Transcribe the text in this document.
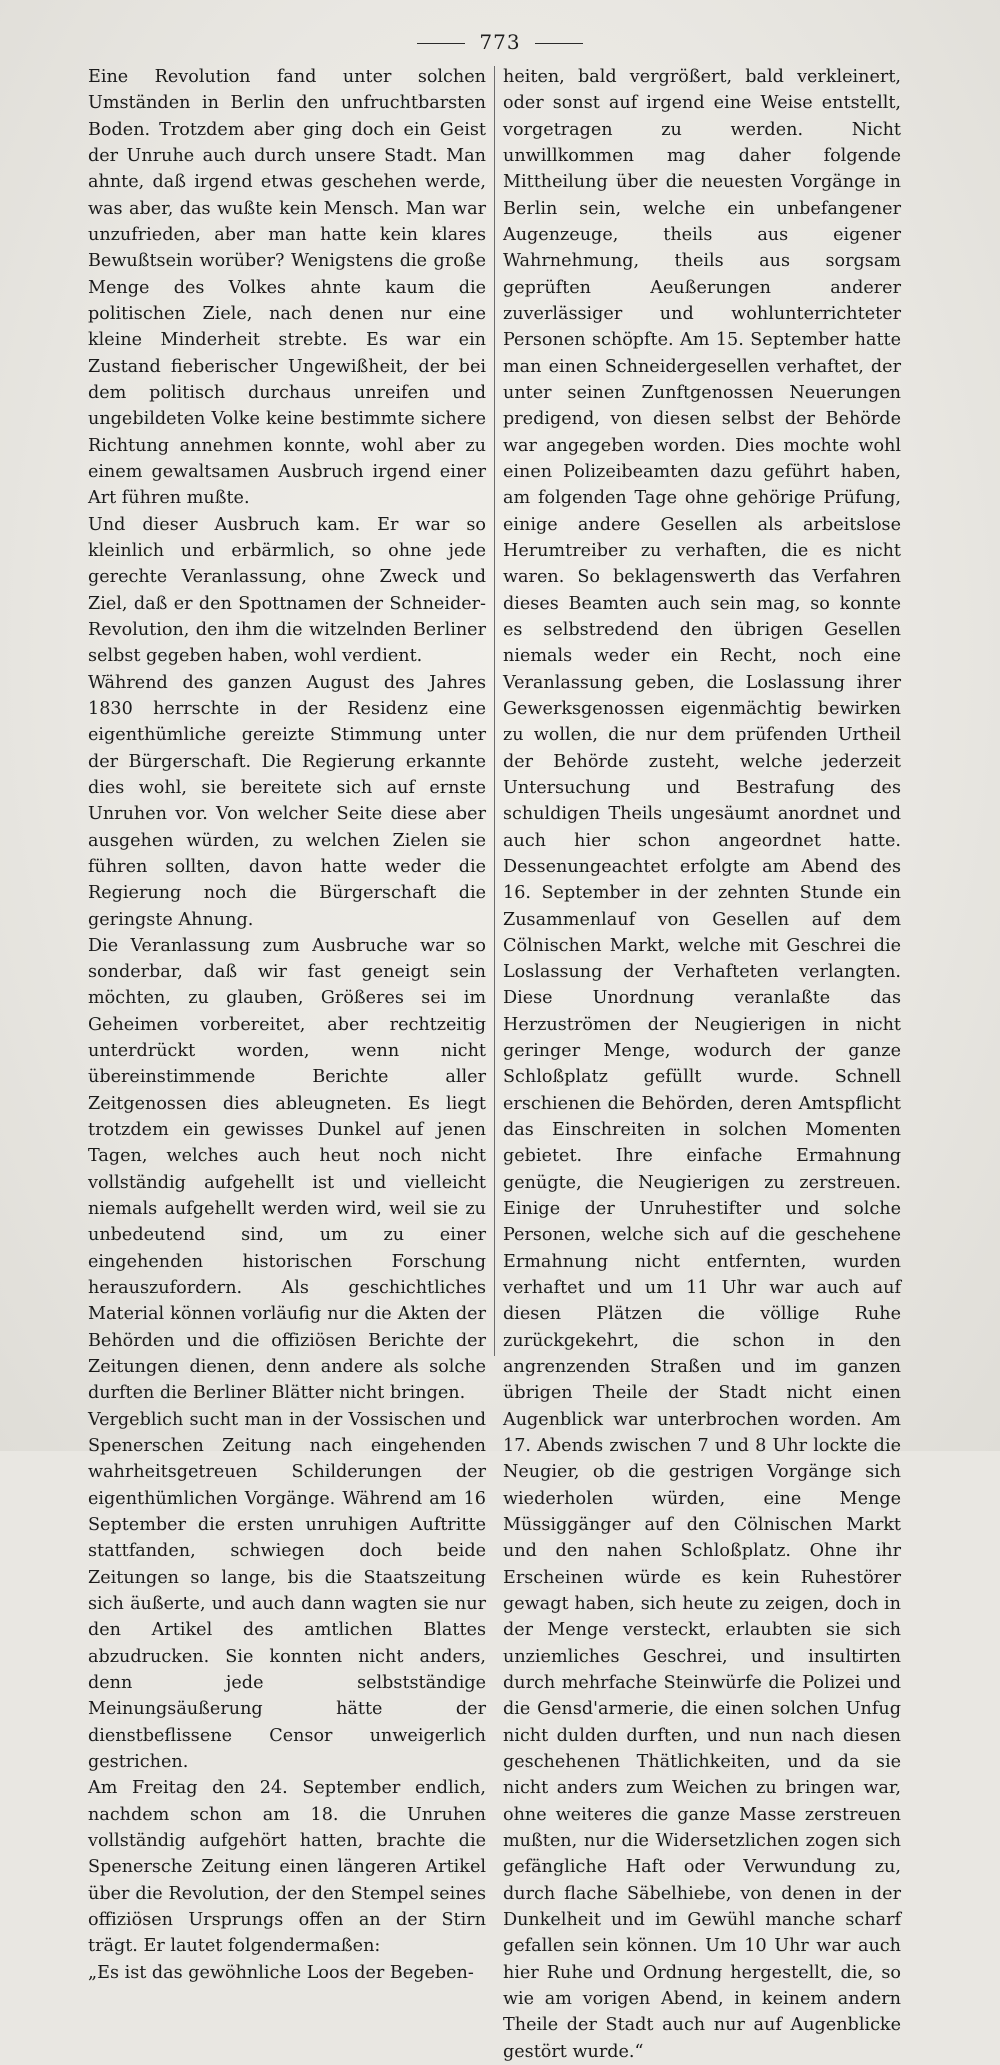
773

Eine Revolution fand unter solchen Umständen in Berlin den unfruchtbarsten Boden. Trotzdem aber ging doch ein Geist der Unruhe auch durch unsere Stadt. Man ahnte, daß irgend etwas geschehen werde, was aber, das wußte kein Mensch. Man war unzufrieden, aber man hatte kein klares Bewußtsein worüber? Wenigstens die große Menge des Volkes ahnte kaum die politischen Ziele, nach denen nur eine kleine Minderheit strebte. Es war ein Zustand fieberischer Ungewißheit, der bei dem politisch durchaus unreifen und ungebildeten Volke keine bestimmte sichere Richtung annehmen konnte, wohl aber zu einem gewaltsamen Ausbruch irgend einer Art führen mußte.

Und dieser Ausbruch kam. Er war so kleinlich und erbärmlich, so ohne jede gerechte Veranlassung, ohne Zweck und Ziel, daß er den Spottnamen der Schneider-Revolution, den ihm die witzelnden Berliner selbst gegeben haben, wohl verdient.

Während des ganzen August des Jahres 1830 herrschte in der Residenz eine eigenthümliche gereizte Stimmung unter der Bürgerschaft. Die Regierung erkannte dies wohl, sie bereitete sich auf ernste Unruhen vor. Von welcher Seite diese aber ausgehen würden, zu welchen Zielen sie führen sollten, davon hatte weder die Regierung noch die Bürgerschaft die geringste Ahnung.

Die Veranlassung zum Ausbruche war so sonderbar, daß wir fast geneigt sein möchten, zu glauben, Größeres sei im Geheimen vorbereitet, aber rechtzeitig unterdrückt worden, wenn nicht übereinstimmende Berichte aller Zeitgenossen dies ableugneten. Es liegt trotzdem ein gewisses Dunkel auf jenen Tagen, welches auch heut noch nicht vollständig aufgehellt ist und vielleicht niemals aufgehellt werden wird, weil sie zu unbedeutend sind, um zu einer eingehenden historischen Forschung herauszufordern. Als geschichtliches Material können vorläufig nur die Akten der Behörden und die offiziösen Berichte der Zeitungen dienen, denn andere als solche durften die Berliner Blätter nicht bringen.

Vergeblich sucht man in der Vossischen und Spenerschen Zeitung nach eingehenden wahrheitsgetreuen Schilderungen der eigenthümlichen Vorgänge. Während am 16 September die ersten unruhigen Auftritte stattfanden, schwiegen doch beide Zeitungen so lange, bis die Staatszeitung sich äußerte, und auch dann wagten sie nur den Artikel des amtlichen Blattes abzudrucken. Sie konnten nicht anders, denn jede selbstständige Meinungsäußerung hätte der dienstbeflissene Censor unweigerlich gestrichen.

Am Freitag den 24. September endlich, nachdem schon am 18. die Unruhen vollständig aufgehört hatten, brachte die Spenersche Zeitung einen längeren Artikel über die Revolution, der den Stempel seines offiziösen Ursprungs offen an der Stirn trägt. Er lautet folgendermaßen:

„Es ist das gewöhnliche Loos der Begeben-

heiten, bald vergrößert, bald verkleinert, oder sonst auf irgend eine Weise entstellt, vorgetragen zu werden. Nicht unwillkommen mag daher folgende Mittheilung über die neuesten Vorgänge in Berlin sein, welche ein unbefangener Augenzeuge, theils aus eigener Wahrnehmung, theils aus sorgsam geprüften Aeußerungen anderer zuverlässiger und wohlunterrichteter Personen schöpfte. Am 15. September hatte man einen Schneidergesellen verhaftet, der unter seinen Zunftgenossen Neuerungen predigend, von diesen selbst der Behörde war angegeben worden. Dies mochte wohl einen Polizeibeamten dazu geführt haben, am folgenden Tage ohne gehörige Prüfung, einige andere Gesellen als arbeitslose Herumtreiber zu verhaften, die es nicht waren. So beklagenswerth das Verfahren dieses Beamten auch sein mag, so konnte es selbstredend den übrigen Gesellen niemals weder ein Recht, noch eine Veranlassung geben, die Loslassung ihrer Gewerksgenossen eigenmächtig bewirken zu wollen, die nur dem prüfenden Urtheil der Behörde zusteht, welche jederzeit Untersuchung und Bestrafung des schuldigen Theils ungesäumt anordnet und auch hier schon angeordnet hatte. Dessenungeachtet erfolgte am Abend des 16. September in der zehnten Stunde ein Zusammenlauf von Gesellen auf dem Cölnischen Markt, welche mit Geschrei die Loslassung der Verhafteten verlangten. Diese Unordnung veranlaßte das Herzuströmen der Neugierigen in nicht geringer Menge, wodurch der ganze Schloßplatz gefüllt wurde. Schnell erschienen die Behörden, deren Amtspflicht das Einschreiten in solchen Momenten gebietet. Ihre einfache Ermahnung genügte, die Neugierigen zu zerstreuen. Einige der Unruhestifter und solche Personen, welche sich auf die geschehene Ermahnung nicht entfernten, wurden verhaftet und um 11 Uhr war auch auf diesen Plätzen die völlige Ruhe zurückgekehrt, die schon in den angrenzenden Straßen und im ganzen übrigen Theile der Stadt nicht einen Augenblick war unterbrochen worden. Am 17. Abends zwischen 7 und 8 Uhr lockte die Neugier, ob die gestrigen Vorgänge sich wiederholen würden, eine Menge Müssiggänger auf den Cölnischen Markt und den nahen Schloßplatz. Ohne ihr Erscheinen würde es kein Ruhestörer gewagt haben, sich heute zu zeigen, doch in der Menge versteckt, erlaubten sie sich unziemliches Geschrei, und insultirten durch mehrfache Steinwürfe die Polizei und die Gensd'armerie, die einen solchen Unfug nicht dulden durften, und nun nach diesen geschehenen Thätlichkeiten, und da sie nicht anders zum Weichen zu bringen war, ohne weiteres die ganze Masse zerstreuen mußten, nur die Widersetzlichen zogen sich gefängliche Haft oder Verwundung zu, durch flache Säbelhiebe, von denen in der Dunkelheit und im Gewühl manche scharf gefallen sein können. Um 10 Uhr war auch hier Ruhe und Ordnung hergestellt, die, so wie am vorigen Abend, in keinem andern Theile der Stadt auch nur auf Augenblicke gestört wurde.“
